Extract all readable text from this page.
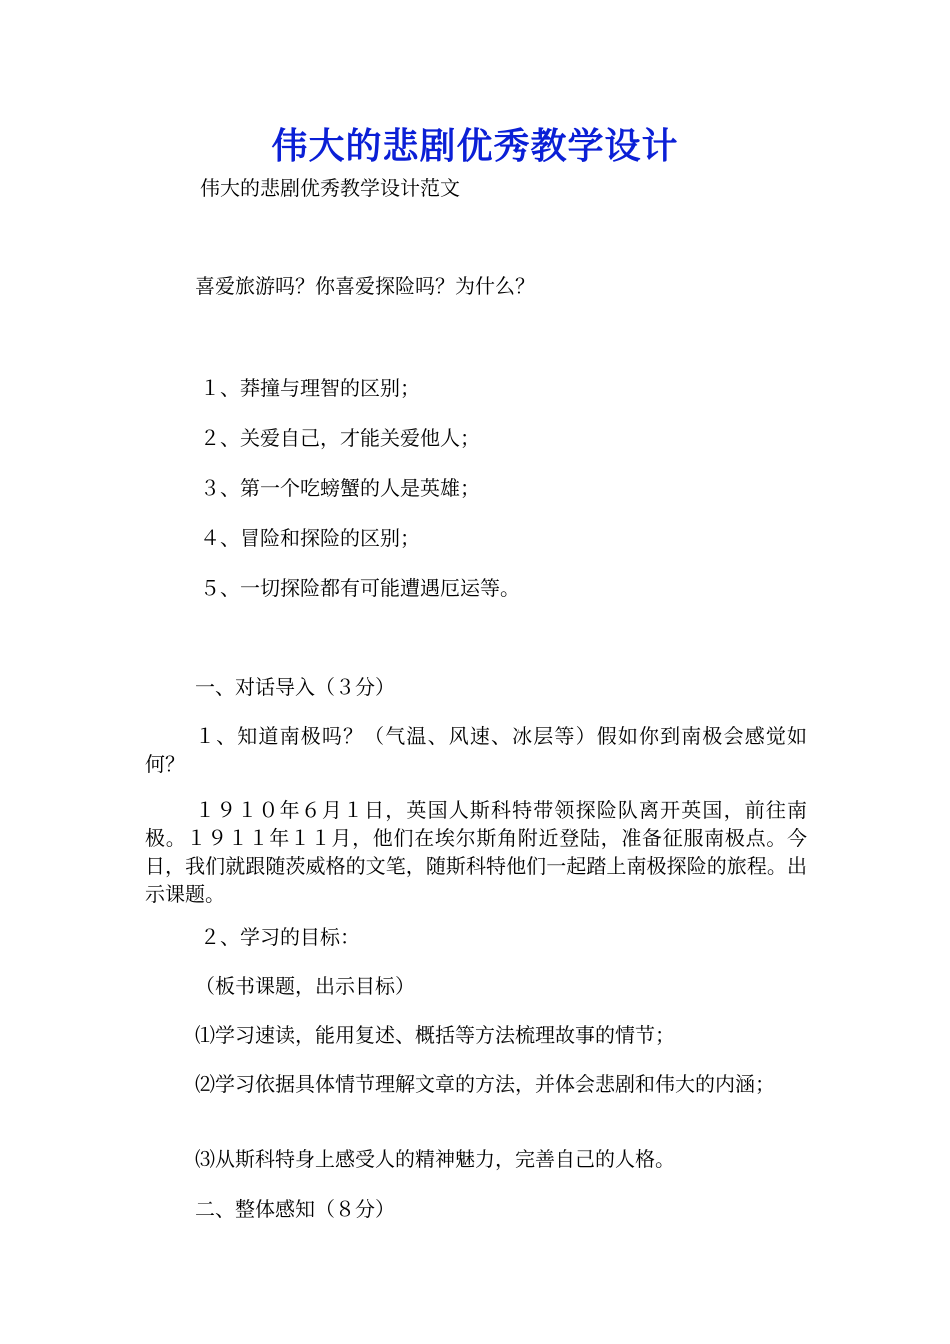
伟大的悲剧优秀教学设计
伟大的悲剧优秀教学设计范文
喜爱旅游吗？你喜爱探险吗？为什么？
１、莽撞与理智的区别；
２、关爱自己，才能关爱他人；
３、第一个吃螃蟹的人是英雄；
４、冒险和探险的区别；
５、一切探险都有可能遭遇厄运等。
一、对话导入（３分）
１、知道南极吗？（气温、风速、冰层等）假如你到南极会感觉如何？
１９１０年６月１日，英国人斯科特带领探险队离开英国，前往南极。１９１１年１１月，他们在埃尔斯角附近登陆，准备征服南极点。今日，我们就跟随茨威格的文笔，随斯科特他们一起踏上南极探险的旅程。出示课题。
２、学习的目标：
（板书课题，出示目标）
⑴学习速读，能用复述、概括等方法梳理故事的情节；
⑵学习依据具体情节理解文章的方法，并体会悲剧和伟大的内涵；
⑶从斯科特身上感受人的精神魅力，完善自己的人格。
二、整体感知（８分）
